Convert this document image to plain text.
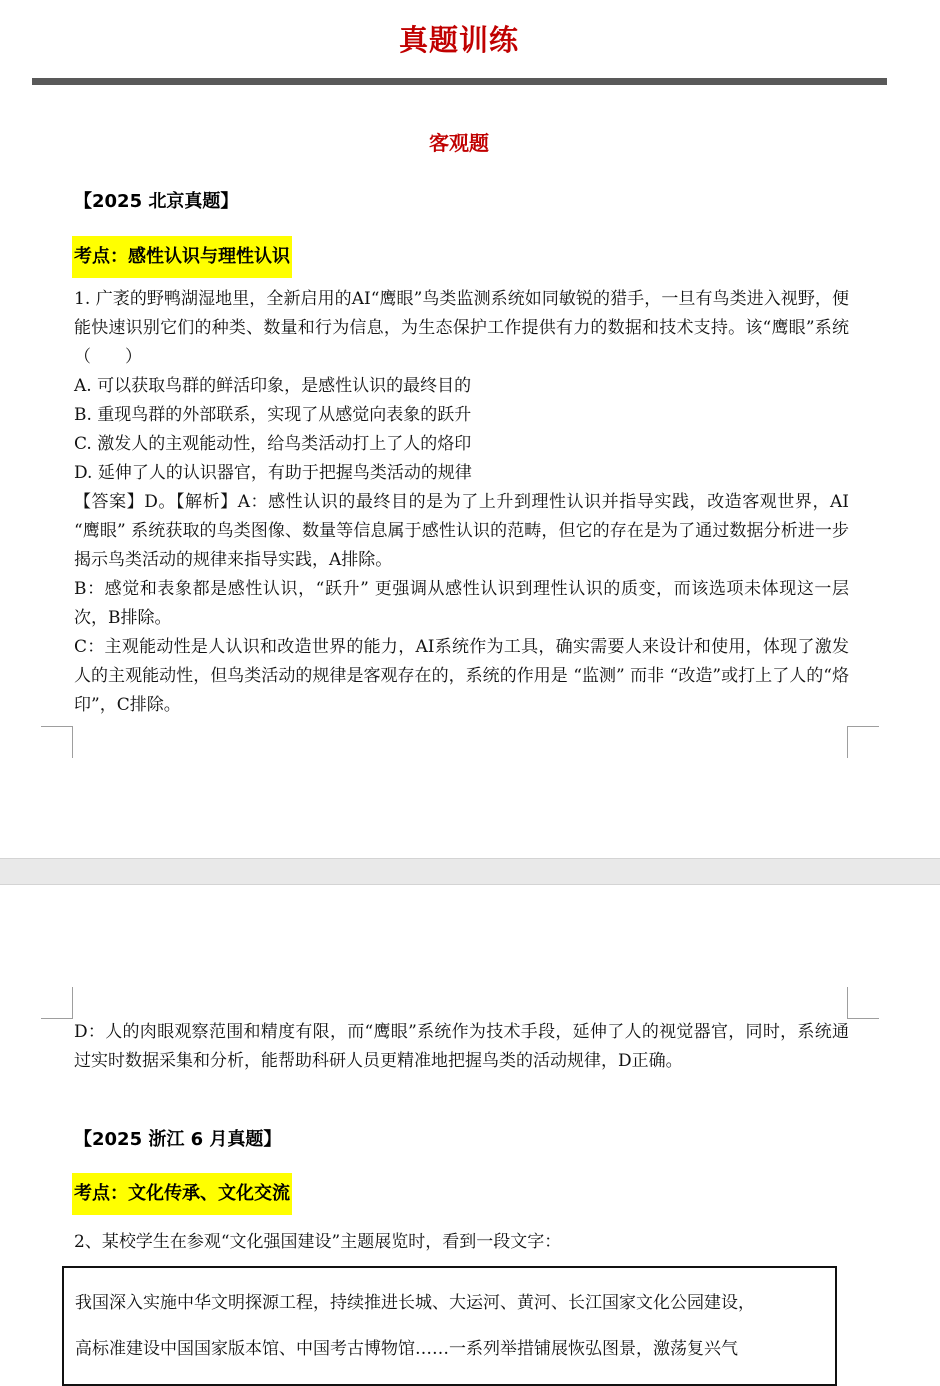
真题训练
客观题
【2025 北京真题】
考点：感性认识与理性认识

1. 广袤的野鸭湖湿地里，全新启用的AI“鹰眼”鸟类监测系统如同敏锐的猎手，一旦有鸟类进入视野，便能快速识别它们的种类、数量和行为信息，为生态保护工作提供有力的数据和技术支持。该“鹰眼”系统（　　）

A. 可以获取鸟群的鲜活印象，是感性认识的最终目的

B. 重现鸟群的外部联系，实现了从感觉向表象的跃升

C. 激发人的主观能动性，给鸟类活动打上了人的烙印

D. 延伸了人的认识器官，有助于把握鸟类活动的规律

【答案】D。【解析】A：感性认识的最终目的是为了上升到理性认识并指导实践，改造客观世界，AI “鹰眼” 系统获取的鸟类图像、数量等信息属于感性认识的范畴，但它的存在是为了通过数据分析进一步揭示鸟类活动的规律来指导实践，A排除。

B：感觉和表象都是感性认识，“跃升” 更强调从感性认识到理性认识的质变，而该选项未体现这一层次，B排除。

C：主观能动性是人认识和改造世界的能力，AI系统作为工具，确实需要人来设计和使用，体现了激发人的主观能动性，但鸟类活动的规律是客观存在的，系统的作用是 “监测” 而非 “改造”或打上了人的“烙印”，C排除。

D：人的肉眼观察范围和精度有限，而“鹰眼”系统作为技术手段，延伸了人的视觉器官，同时，系统通过实时数据采集和分析，能帮助科研人员更精准地把握鸟类的活动规律，D正确。

【2025 浙江 6 月真题】
考点：文化传承、文化交流

2、某校学生在参观“文化强国建设”主题展览时，看到一段文字：

我国深入实施中华文明探源工程，持续推进长城、大运河、黄河、长江国家文化公园建设，

高标准建设中国国家版本馆、中国考古博物馆……一系列举措铺展恢弘图景，激荡复兴气
